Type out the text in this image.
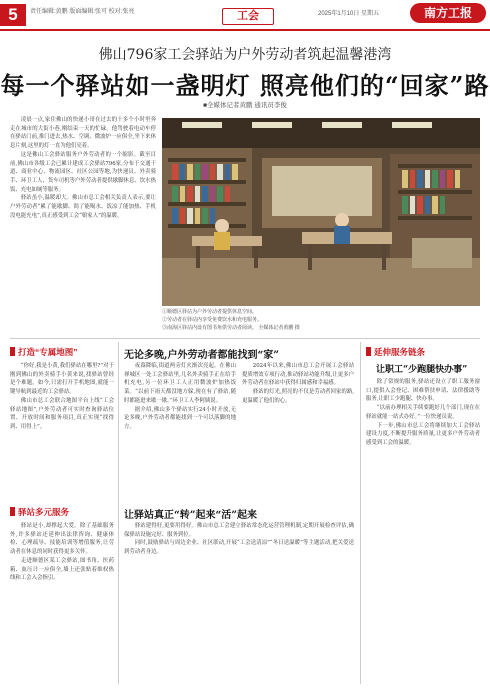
5	责任编辑:黄鹏 版面编辑:张可 校对:张亮	工会	2025年1月10日 星期五	南方工报
佛山796家工会驿站为户外劳动者筑起温馨港湾
每一个驿站如一盏明灯 照亮他们的“回家”路
■全媒体记者黄鹏 通讯员李俊

凌晨一点,家住佛山的快递小哥在过去的十多个小时里奔走在城市的大街小巷,刚结束一天的忙碌。他驾驶着电动车停在驿站门前,推门进去,热水、空调、微波炉一应俱全,坐下来休息片刻,这里的灯一直为他们亮着。

这是佛山工会驿站服务户外劳动者的一个缩影。截至目前,佛山市各级工会已累计建成工会驿站796家,分布于交通干道、商业中心、物流园区、社区公园等地,为快递员、外卖骑手、环卫工人、货车司机等户外劳动者提供歇脚休息、饮水热饭、充电如厕等服务。

驿站虽小,温暖却大。佛山市总工会相关负责人表示,要让户外劳动者“累了能歇脚、渴了能喝水、饭凉了能加热、手机没电能充电”,真正感受到工会“娘家人”的温暖。

①顺德区驿站为户外劳动者提供休息空间。
②劳动者在驿站内享受免费饮水和充电服务。
③南海区驿站内设有图书角供劳动者阅读。 全媒体记者黄鹏 摄
打造“专属地图”

“你好,我是小黄,我们驿站在哪里?”对于刚到佛山的外卖骑手小黄来说,找驿站曾经是个难题。如今,只需打开手机地图,就能一键导航到最近的工会驿站。

佛山市总工会联合地图平台上线“工会驿站地图”,户外劳动者可实时查询驿站位置、开放时间和服务项目,真正实现“找得到、用得上”。

驿站多元服务

驿站是小,却撑起大爱。除了基础服务外,许多驿站还延伸出法律咨询、健康体检、心理疏导、技能培训等增值服务,让劳动者在休息的同时获得更多关怀。

走进顺德区某工会驿站,图书角、医药箱、血压计一应俱全,墙上还张贴着维权热线和工会入会指引。

无论多晚,户外劳动者都能找到“家”

夜幕降临,街道两旁灯火渐次亮起。在佛山禅城区一处工会驿站里,几名外卖骑手正在给手机充电,另一位环卫工人正用微波炉加热饭菜。“以前下雨天都没地方躲,现在有了驿站,随时都能进来歇一歇。”环卫工人李阿姨说。

据介绍,佛山多个驿站实行24小时开放,无论多晚,户外劳动者都能找到一个可以落脚的地方。

2024年以来,佛山市总工会开展工会驿站提质增效专项行动,推动驿站功能升级,让更多户外劳动者在驿站中获得归属感和幸福感。

驿站的灯光,照亮的不仅是劳动者回家的路,更温暖了他们的心。

让驿站真正“转”起来“活”起来

驿站建得好,更要用得好。佛山市总工会建立驿站常态化运营管理机制,定期开展检查评估,确保驿站设施完好、服务到位。

同时,鼓励驿站与周边企业、社区联动,开展“工会送清凉”“冬日送温暖”等主题活动,把关爱送到劳动者身边。

延伸服务链条
让职工“少跑腿快办事”

除了常规的服务,驿站还设立了职工服务窗口,提供入会登记、困难帮扶申请、法律援助等服务,让职工少跑腿、快办事。

“以前办理相关手续要跑好几个部门,现在在驿站就能一站式办好。”一位快递员说。

下一步,佛山市总工会将继续加大工会驿站建设力度,不断提升服务质量,让更多户外劳动者感受到工会的温暖。
